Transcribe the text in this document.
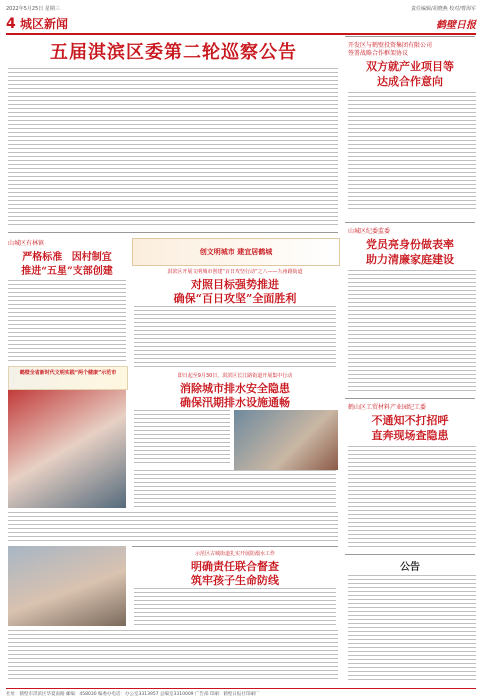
2022年5月25日 星期三	责任编辑/胡晓燕 校对/曹海军
4 城区新闻	鹤壁日报
五届淇滨区委第二轮巡察公告	开发区与鹤壁投资集团有限公司
签署战略合作框架协议
双方就产业项目等
达成合作意向
山城区纪委监委
党员亮身份做表率
助力清廉家庭建设
鹤山区工贸材料产业园纪工委
不通知不打招呼
直奔现场查隐患
公告
山城区有林镇
严格标准 因村制宜
推进“五星”支部创建
鹤壁全省新时代文明实践“两个健康”示范市
创文明城市 建宜居鹤城
淇滨区开展文明城市创建“百日攻坚行动”之八——九州路街道
对照目标强势推进
确保“百日攻坚”全面胜利
即日起至9月30日，淇滨区长江路街道开展集中行动
消除城市排水安全隐患
确保汛期排水设施通畅
示范区古城街道扎实开展防溺水工作
明确责任联合督查
筑牢孩子生命防线
社址：鹤壁市淇滨区华夏南路 邮编：458030 编委办电话：办公室3313957 总编室3310009 广告部 印刷：鹤壁日报社印刷厂
